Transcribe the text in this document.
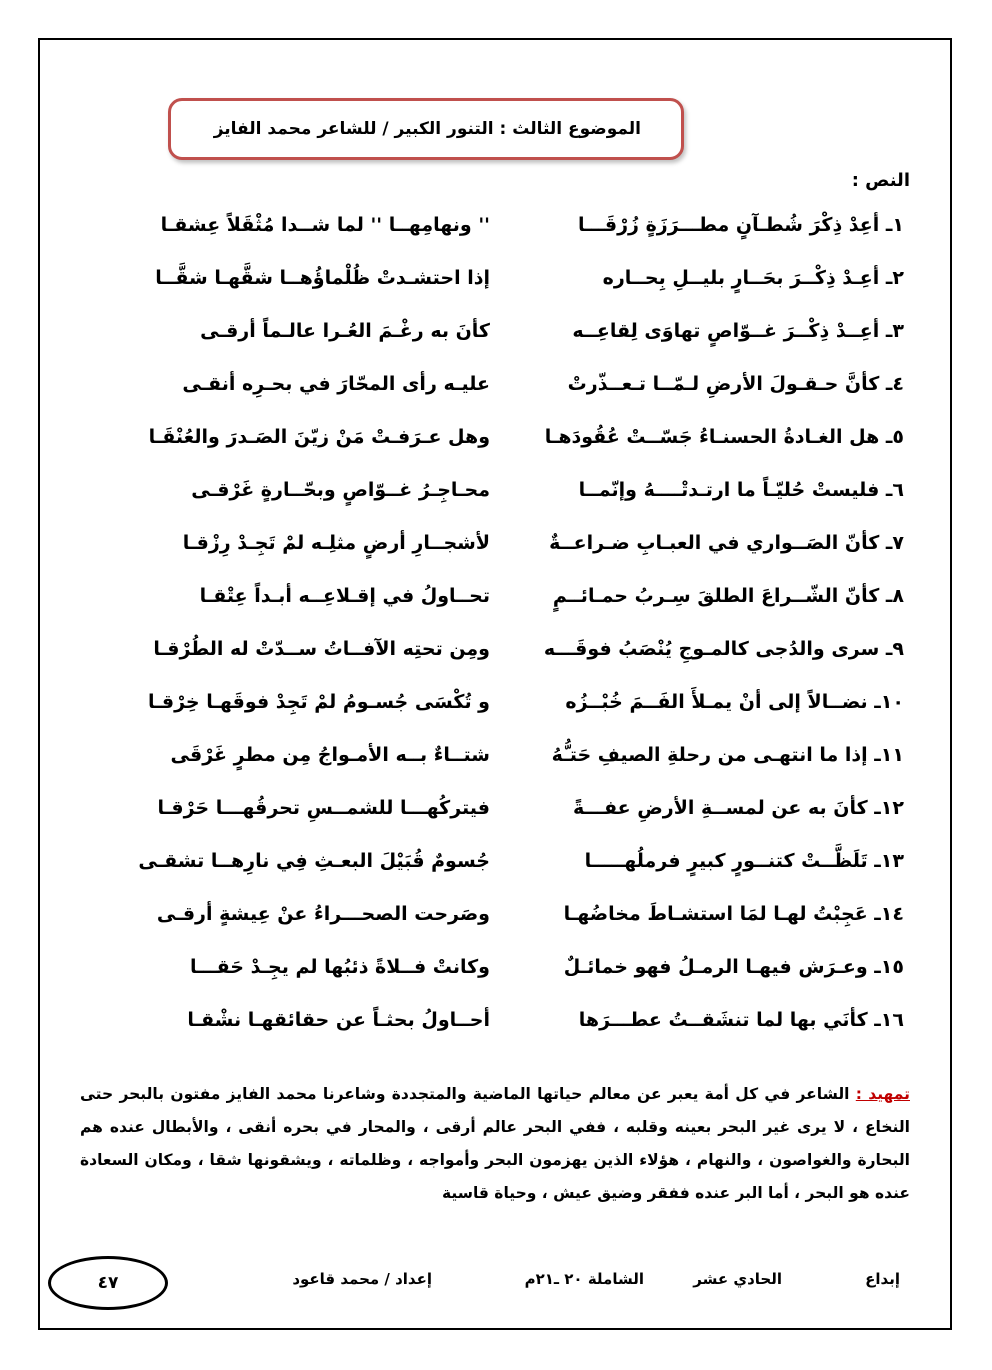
الموضوع الثالث : التنور الكبير / للشاعر محمد الفايز
النص :
١ـ أعِدْ ذِكْرَ شُطـآنٍ مطـــرَزَةٍ زُرْقَـــا
'' ونهامِهــا '' لما شــدا مُثْقَلاً عِشقـا
٢ـ أعِـدْ ذِكْــرَ بحَــارٍ بليــلِ بِحــاره
إذا احتشـدتْ ظُلْماؤُهــا شقَّهـا شقَّــا
٣ـ أعِــدْ ذِكْــرَ غــوّاصٍ تهاوَى لِقاعِــه
كأنَ به رغْـمَ العُـرا عالـماً أرقـى
٤ـ كأنَّ حـقـولَ الأرضِ لـمّــا تـعــذّرتْ
عليـه رأى المحّارَ في بحـرِه أنقـى
٥ـ هل الغـادةُ الحسنـاءُ جَسّــتْ عُقُودَهـا
وهل عـرَفـتْ مَنْ زيّنَ الصَـدرَ والعُنْقَـا
٦ـ فليستْ حُليّـاً ما ارتـدتْــــهُ وإنّمــا
محـاجِـرُ غــوّاصٍ وبحّــارةٍ غَرْقـى
٧ـ كأنّ الصَــواري في العبـابِ ضـراعــةٌ
لأشجــارِ أرضٍ مثلِـه لمْ تَجِـدْ رِزْقـا
٨ـ كأنّ الشّــراعَ الطلقَ سِـربُ حمـائــمٍ
تحــاولُ في إقـلاعِــه أبـداً عِتْقـا
٩ـ سرى والدُجى كالمـوجِ يُنْصَبُ فوقَـــه
ومِن تحتِه الآفــاتُ ســدّتْ له الطُرْقـا
١٠ـ نضــالاً إلى أنْ يمـلأَ الفَــمَ خُبْــزُه
و تُكْسَى جُسـومُ لمْ تَجِدْ فوقَهـا خِرْقـا
١١ـ إذا ما انتهـى من رحلةِ الصيفِ حَتـُّهُ
شتــاءٌ بــه الأمـواجُ مِن مطرٍ غَرْقَى
١٢ـ كأنَ به عن لمســةِ الأرضِ عفـــةً
فيتركُهـــا للشمــسِ تحرقُهـــا حَرْقـا
١٣ـ تَلَظَّــتْ كتنــورٍ كبيرٍ فرملُهـــــا
جُسومٌ قُبَيْلَ البعـثِ فِي نارِهــا تشقـى
١٤ـ عَجِبْتُ لهـا لمَا استشـاطَ مخاضُهـا
وصَرحت الصحـــراءُ عنْ عِيشةٍ أرقـى
١٥ـ وعـرَش فيهـا الرمـلُ فهو خمائـلٌ
وكانتْ فــلاةً ذئبُها لم يجِـدْ حَقـــا
١٦ـ كأنَي بها لما تنشَقــتُ عطـــرَها
أحــاولُ بحثـاً عن حقائقهـا نشْقـا
تمهيد : الشاعر في كل أمة يعبر عن معالم حياتها الماضية والمتجددة وشاعرنا محمد الفايز مفتون بالبحر حتى النخاع ، لا يرى غير البحر بعينه وقلبه ، ففي البحر عالم أرقى ، والمحار في بحره أنقى ، والأبطال عنده هم البحارة والغواصون ، والنهام ، هؤلاء الذين يهزمون البحر وأمواجه ، وظلماته ، ويشقونها شقا ، ومكان السعادة عنده هو البحر ، أما البر عنده ففقر وضيق عيش ، وحياة قاسية
إبداع
الحادي عشر
الشاملة ٢٠ ـ٢١م
إعداد / محمد قاعود
٤٧
